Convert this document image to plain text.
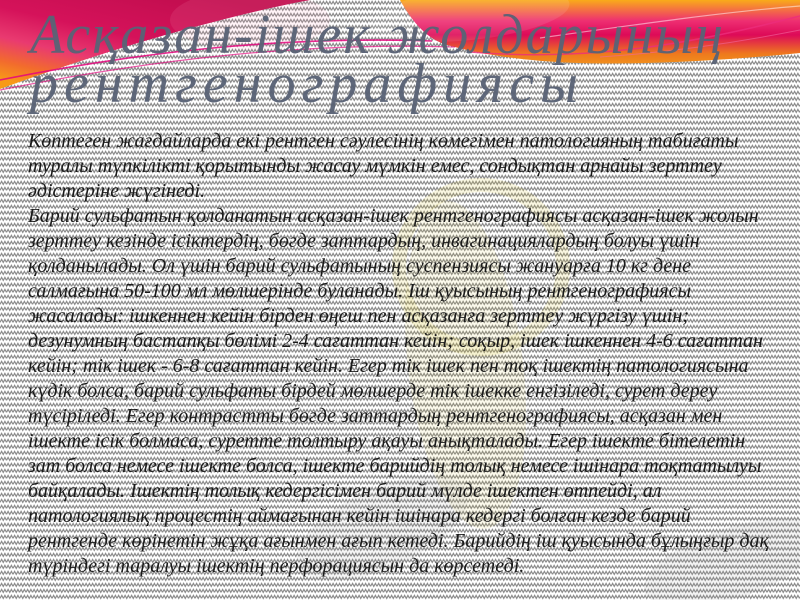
Асқазан-ішек жолдарының
рентгенографиясы
Көптеген жағдайларда екі рентген сәулесінің көмегімен патологияның табиғаты
туралы түпкілікті қорытынды жасау мүмкін емес, сондықтан арнайы зерттеу
әдістеріне жүгінеді.
Барий сульфатын қолданатын асқазан-ішек рентгенографиясы асқазан-ішек жолын
зерттеу кезінде ісіктердің, бөгде заттардың, инвагинациялардың болуы үшін
қолданылады. Ол үшін барий сульфатының суспензиясы жануарға 10 кг дене
салмағына 50-100 мл мөлшерінде буланады. Іш қуысының рентгенографиясы
жасалады: ішкеннен кейін бірден өңеш пен асқазанға зерттеу жүргізу үшін;
дезунумның бастапқы бөлімі 2-4 сағаттан кейін; соқыр, ішек ішкеннен 4-6 сағаттан
кейін; тік ішек - 6-8 сағаттан кейін. Егер тік ішек пен тоқ ішектің патологиясына
күдік болса, барий сульфаты бірдей мөлшерде тік ішекке енгізіледі, сурет дереу
түсіріледі. Егер контрастты бөгде заттардың рентгенографиясы, асқазан мен
ішекте ісік болмаса, суретте толтыру ақауы анықталады. Егер ішекте бітелетін
зат болса немесе ішекте болса, ішекте барийдің толық немесе ішінара тоқтатылуы
байқалады. Ішектің толық кедергісімен барий мүлде ішектен өтпейді, ал
патологиялық процестің аймағынан кейін ішінара кедергі болған кезде барий
рентгенде көрінетін жұқа ағынмен ағып кетеді. Барийдің іш қуысында бұлыңғыр дақ
түріндегі таралуы ішектің перфорациясын да көрсетеді.
